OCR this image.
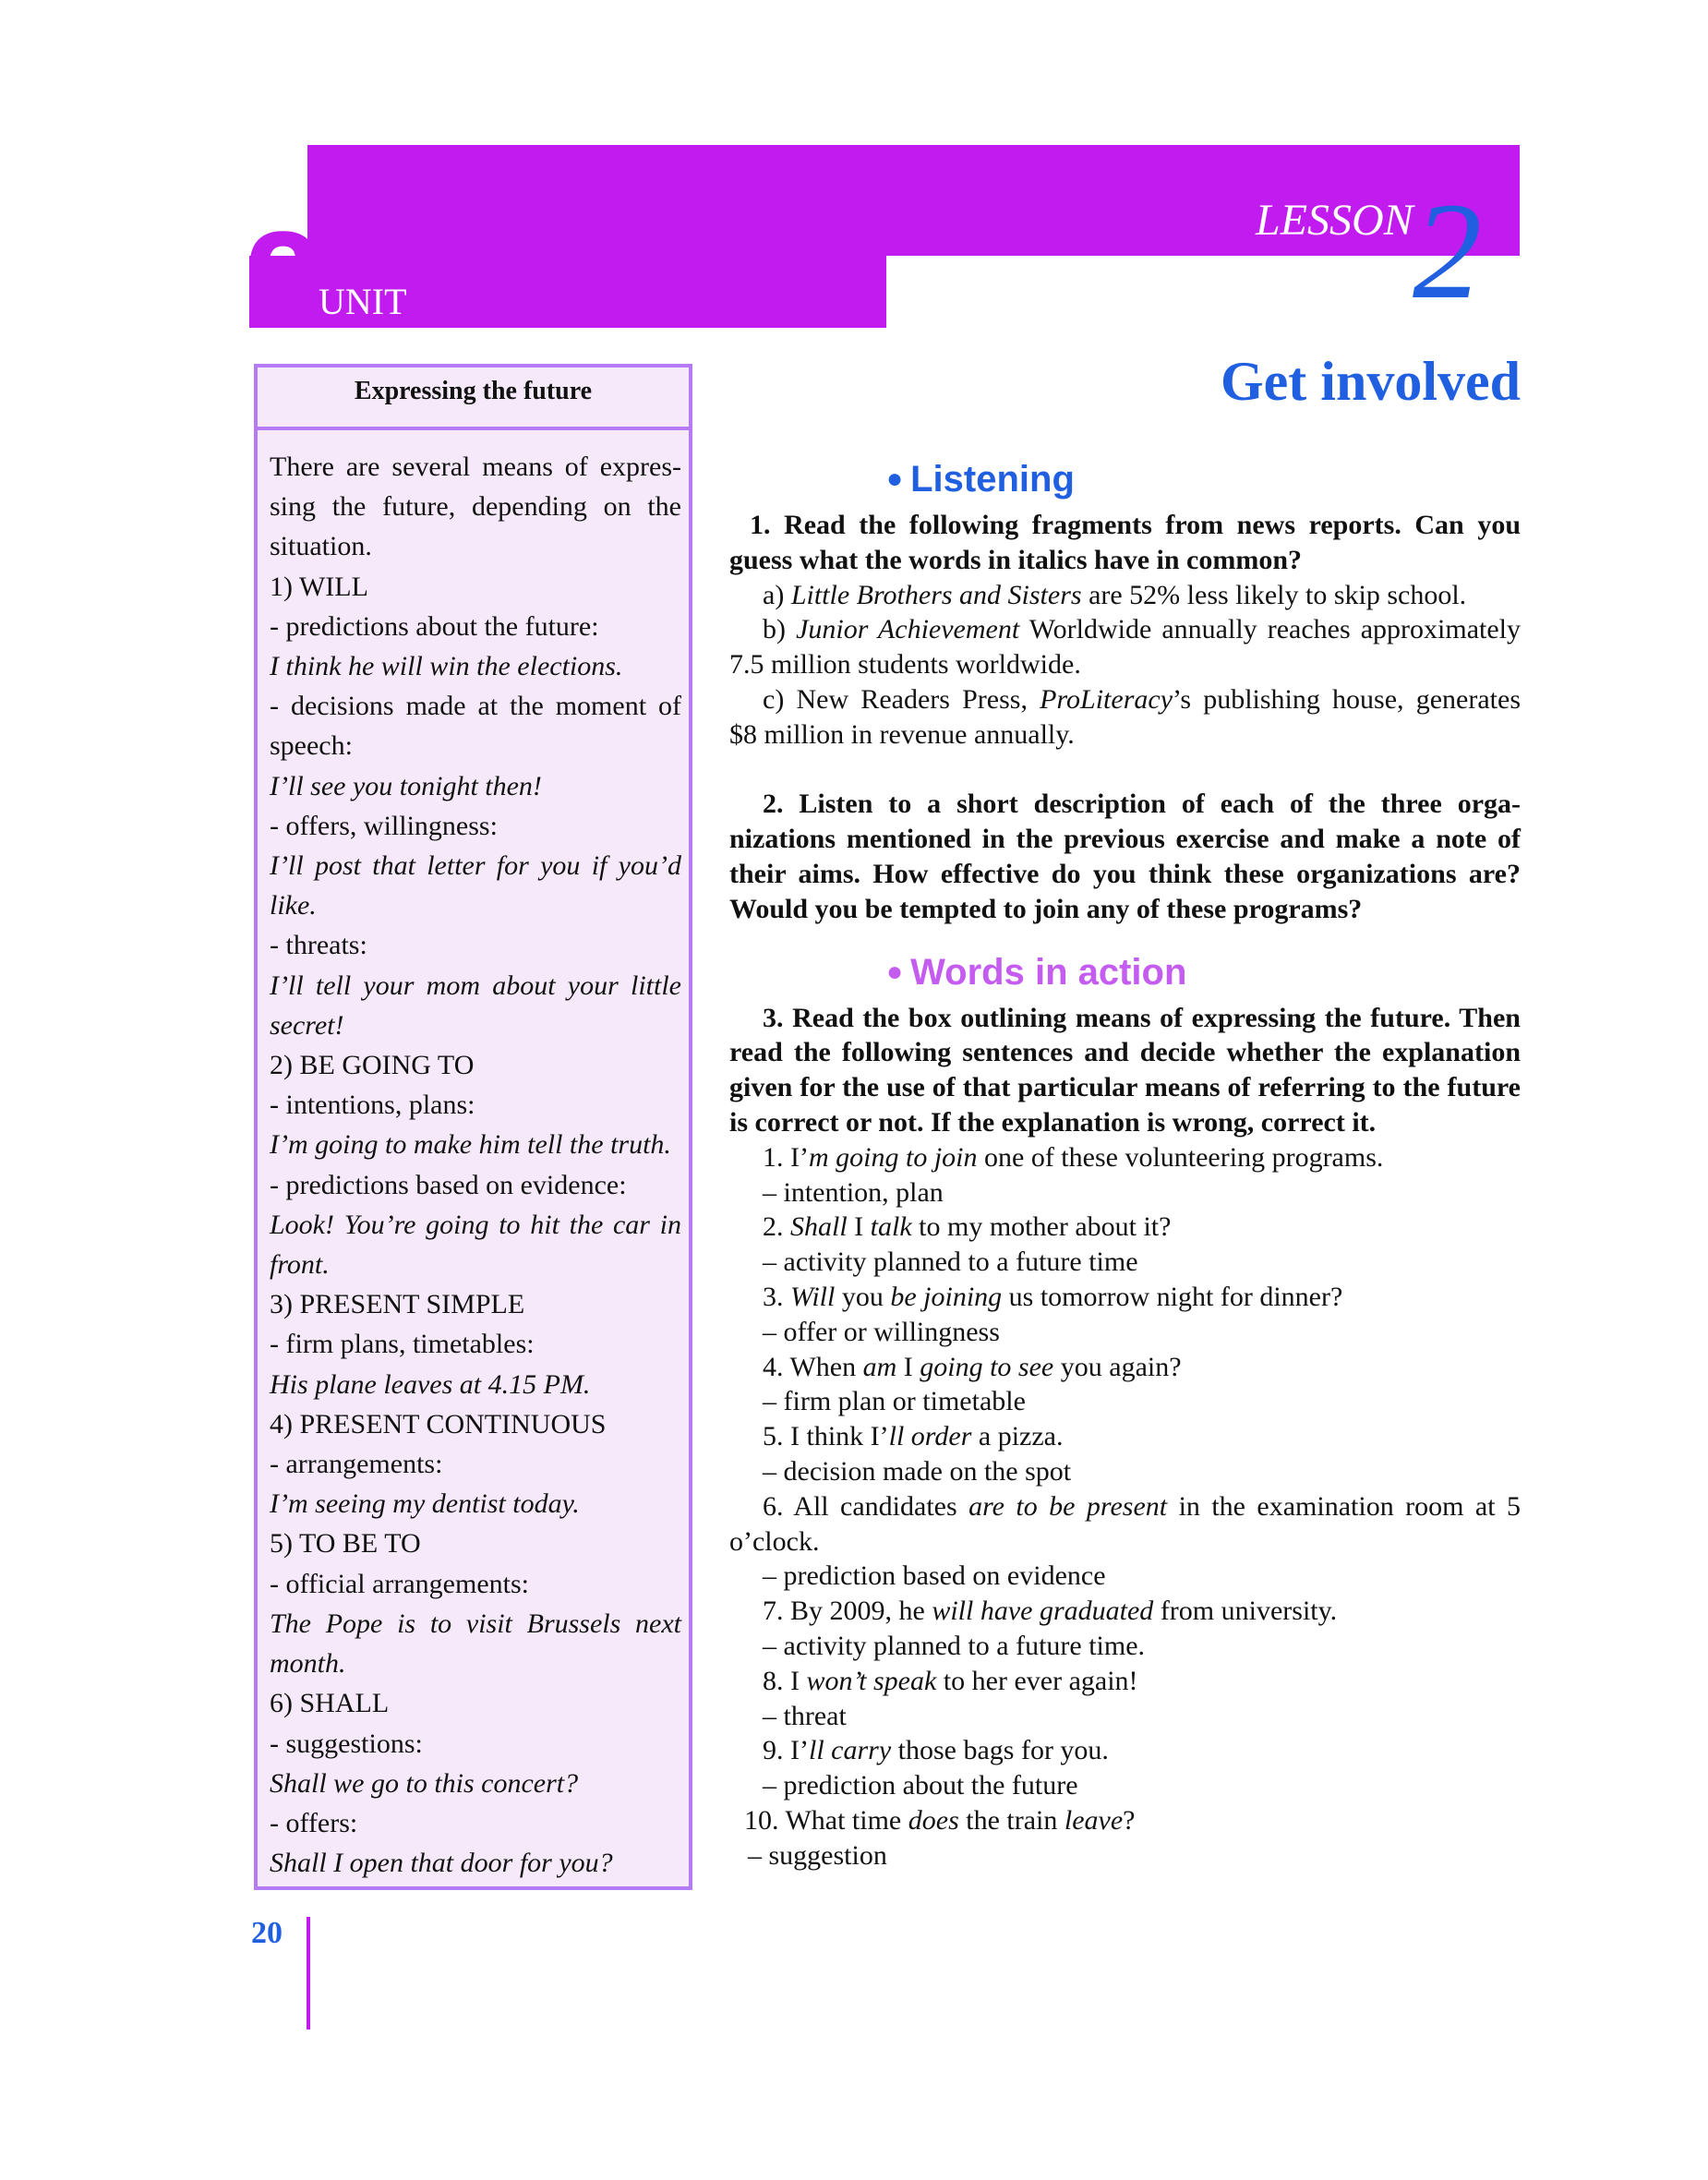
2 UNIT
LESSON 2
Get involved
Expressing the future
There are several means of expres-
sing the future, depending on the
situation.
1) WILL
- predictions about the future:
I think he will win the elections.
- decisions made at the moment of
speech:
I’ll see you tonight then!
- offers, willingness:
I’ll post that letter for you if you’d
like.
- threats:
I’ll tell your mom about your little
secret!
2) BE GOING TO
- intentions, plans:
I’m going to make him tell the truth.
- predictions based on evidence:
Look! You’re going to hit the car in
front.
3) PRESENT SIMPLE
- firm plans, timetables:
His plane leaves at 4.15 PM.
4) PRESENT CONTINUOUS
- arrangements:
I’m seeing my dentist today.
5) TO BE TO
- official arrangements:
The Pope is to visit Brussels next
month.
6) SHALL
- suggestions:
Shall we go to this concert?
- offers:
Shall I open that door for you?
● Listening
1. Read the following fragments from news reports. Can you
guess what the words in italics have in common?
a) Little Brothers and Sisters are 52% less likely to skip school.
b) Junior Achievement Worldwide annually reaches approximately
7.5 million students worldwide.
c) New Readers Press, ProLiteracy’s publishing house, generates
$8 million in revenue annually.
2. Listen to a short description of each of the three orga-
nizations mentioned in the previous exercise and make a note of
their aims. How effective do you think these organizations are?
Would you be tempted to join any of these programs?
● Words in action
3. Read the box outlining means of expressing the future. Then
read the following sentences and decide whether the explanation
given for the use of that particular means of referring to the future
is correct or not. If the explanation is wrong, correct it.
1. I’m going to join one of these volunteering programs.
– intention, plan
2. Shall I talk to my mother about it?
– activity planned to a future time
3. Will you be joining us tomorrow night for dinner?
– offer or willingness
4. When am I going to see you again?
– firm plan or timetable
5. I think I’ll order a pizza.
– decision made on the spot
6. All candidates are to be present in the examination room at 5
o’clock.
– prediction based on evidence
7. By 2009, he will have graduated from university.
– activity planned to a future time.
8. I won’t speak to her ever again!
– threat
9. I’ll carry those bags for you.
– prediction about the future
10. What time does the train leave?
– suggestion
20
